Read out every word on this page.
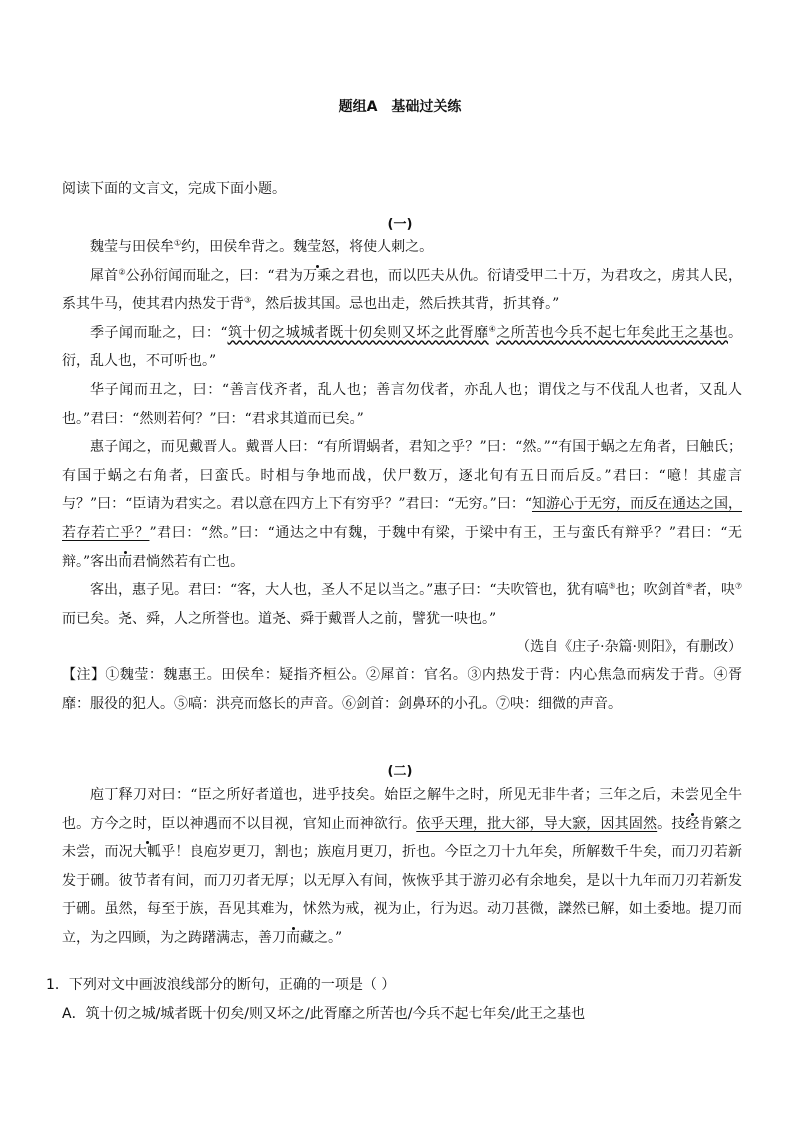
题组A 基础过关练
阅读下面的文言文，完成下面小题。
(一)

魏莹与田侯牟①约，田侯牟背之。魏莹怒，将使人刺之。

犀首②公孙衍闻而耻之，曰：“君为万乘之君也，而以匹夫从仇。衍请受甲二十万，为君攻之，虏其人民，系其牛马，使其君内热发于背③，然后拔其国。忌也出走，然后抶其背，折其脊。”

季子闻而耻之，曰：“筑十仞之城城者既十仞矣则又坏之此胥靡④之所苦也今兵不起七年矣此王之基也。衍，乱人也，不可听也。”

华子闻而丑之，曰：“善言伐齐者，乱人也；善言勿伐者，亦乱人也；谓伐之与不伐乱人也者，又乱人也。”君曰：“然则若何？”曰：“君求其道而已矣。”

惠子闻之，而见戴晋人。戴晋人曰：“有所谓蜗者，君知之乎？”曰：“然。”“有国于蜗之左角者，曰触氏；有国于蜗之右角者，曰蛮氏。时相与争地而战，伏尸数万，逐北旬有五日而后反。”君曰：“噫！其虚言与？”曰：“臣请为君实之。君以意在四方上下有穷乎？”君曰：“无穷。”曰：“知游心于无穷，而反在通达之国，若存若亡乎？”君曰：“然。”曰：“通达之中有魏，于魏中有梁，于梁中有王，王与蛮氏有辩乎？”君曰：“无辩。”客出而君惝然若有亡也。

客出，惠子见。君曰：“客，大人也，圣人不足以当之。”惠子曰：“夫吹管也，犹有嗃⑤也；吹剑首⑥者，吷⑦而已矣。尧、舜，人之所誉也。道尧、舜于戴晋人之前，譬犹一吷也。”

（选自《庄子·杂篇·则阳》，有删改）

【注】①魏莹：魏惠王。田侯牟：疑指齐桓公。②犀首：官名。③内热发于背：内心焦急而病发于背。④胥靡：服役的犯人。⑤嗃：洪亮而悠长的声音。⑥剑首：剑鼻环的小孔。⑦吷：细微的声音。

(二)

庖丁释刀对曰：“臣之所好者道也，进乎技矣。始臣之解牛之时，所见无非牛者；三年之后，未尝见全牛也。方今之时，臣以神遇而不以目视，官知止而神欲行。依乎天理，批大郤，导大窾，因其固然。技经肯綮之未尝，而况大軱乎！良庖岁更刀，割也；族庖月更刀，折也。今臣之刀十九年矣，所解数千牛矣，而刀刃若新发于硎。彼节者有间，而刀刃者无厚；以无厚入有间，恢恢乎其于游刃必有余地矣，是以十九年而刀刃若新发于硎。虽然，每至于族，吾见其难为，怵然为戒，视为止，行为迟。动刀甚微，謋然已解，如土委地。提刀而立，为之四顾，为之踌躇满志，善刀而藏之。”

1．下列对文中画波浪线部分的断句，正确的一项是（ ）
A．筑十仞之城/城者既十仞矣/则又坏之/此胥靡之所苦也/今兵不起七年矣/此王之基也
